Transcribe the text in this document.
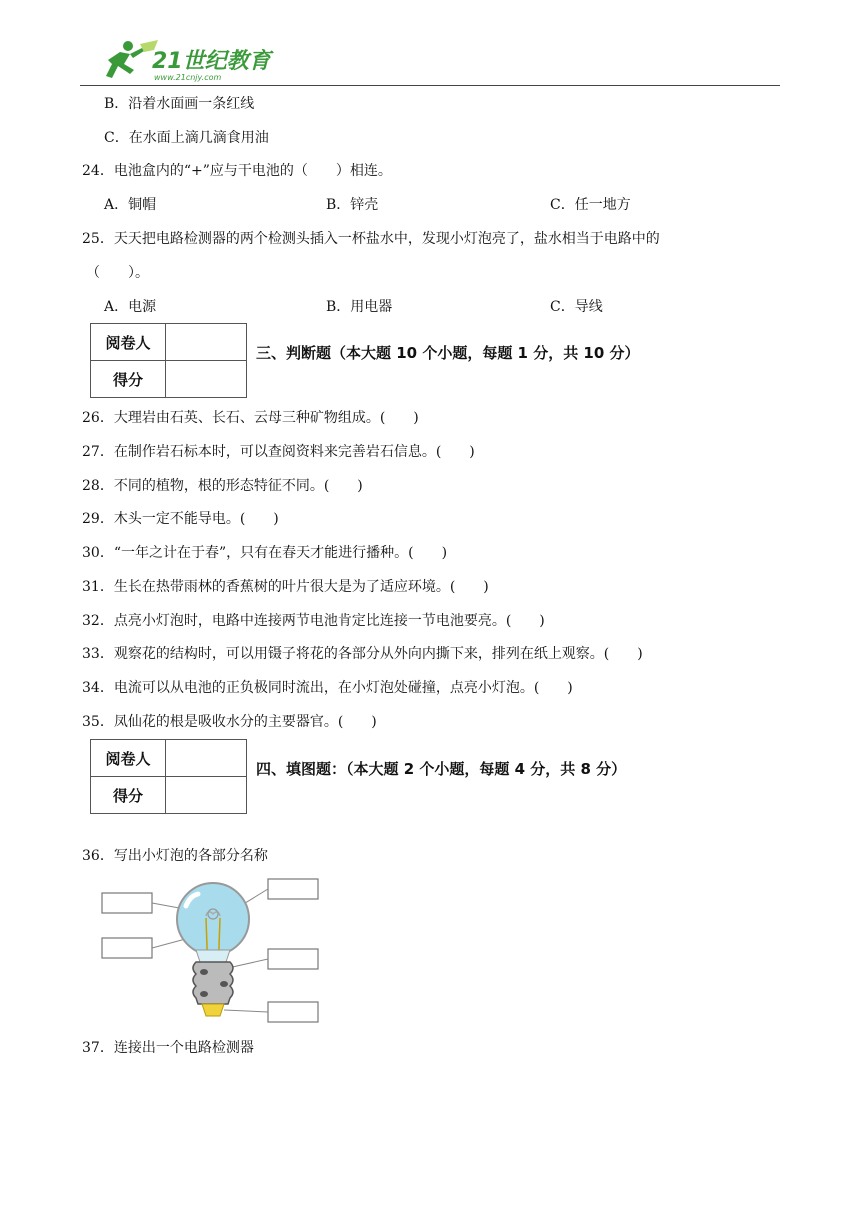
21世纪教育
www.21cnjy.com
B．沿着水面画一条红线
C．在水面上滴几滴食用油
24．电池盒内的“+”应与干电池的（　　）相连。
A．铜帽	B．锌壳	C．任一地方
25．天天把电路检测器的两个检测头插入一杯盐水中，发现小灯泡亮了，盐水相当于电路中的
（　　）。
A．电源	B．用电器	C．导线
阅卷人	
得分	
三、判断题（本大题 10 个小题，每题 1 分，共 10 分）
26．大理岩由石英、长石、云母三种矿物组成。(　　)
27．在制作岩石标本时，可以查阅资料来完善岩石信息。(　　)
28．不同的植物，根的形态特征不同。(　　)
29．木头一定不能导电。(　　)
30．“一年之计在于春”，只有在春天才能进行播种。(　　)
31．生长在热带雨林的香蕉树的叶片很大是为了适应环境。(　　)
32．点亮小灯泡时，电路中连接两节电池肯定比连接一节电池要亮。(　　)
33．观察花的结构时，可以用镊子将花的各部分从外向内撕下来，排列在纸上观察。(　　)
34．电流可以从电池的正负极同时流出，在小灯泡处碰撞，点亮小灯泡。(　　)
35．凤仙花的根是吸收水分的主要器官。(　　)
阅卷人	
得分	
四、填图题：（本大题 2 个小题，每题 4 分，共 8 分）
36．写出小灯泡的各部分名称
37．连接出一个电路检测器
